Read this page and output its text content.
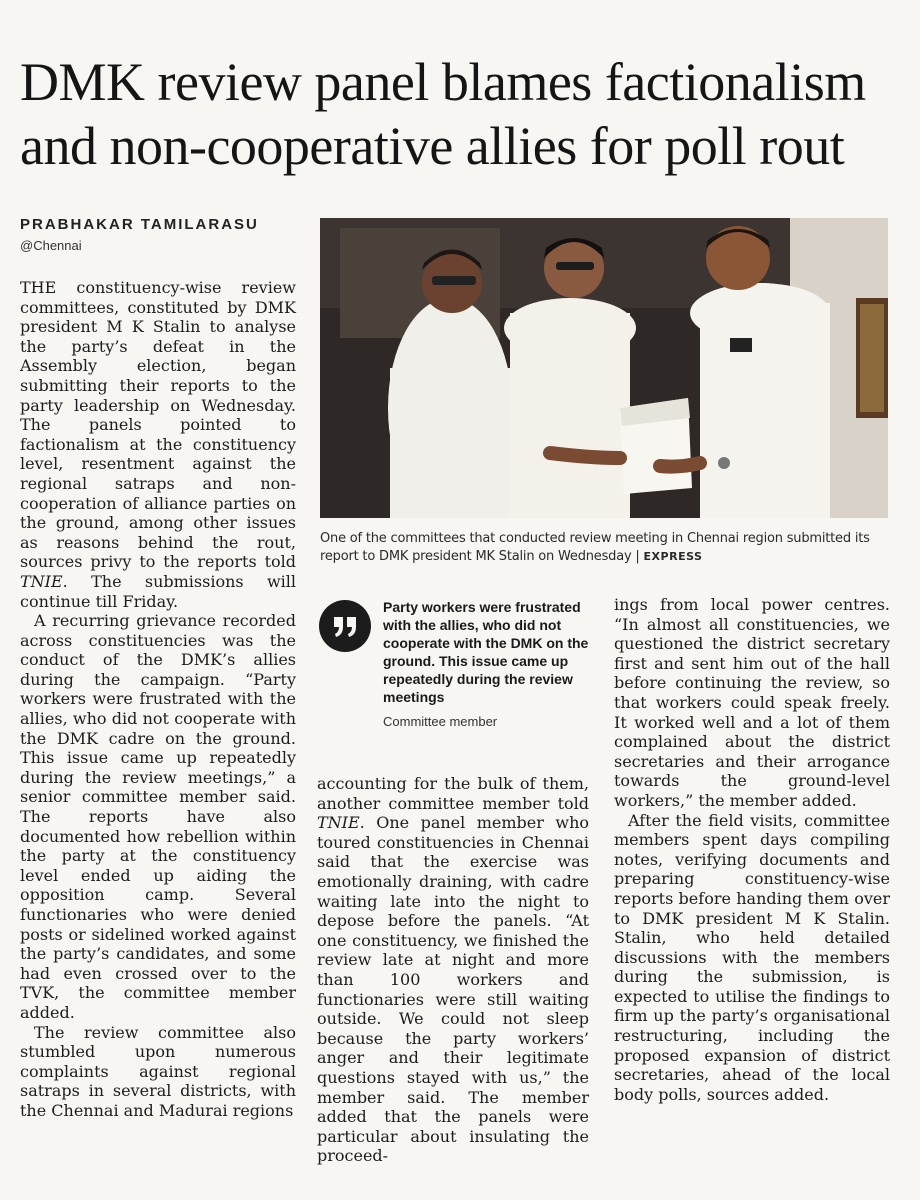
DMK review panel blames factionalism
and non-cooperative allies for poll rout
PRABHAKAR TAMILARASU
@Chennai

THE constituency-wise review committees, constituted by DMK president M K Stalin to analyse the party’s defeat in the Assembly election, began submitting their reports to the party leadership on Wednesday. The panels pointed to factionalism at the constituency level, resentment against the regional satraps and non-cooperation of alliance parties on the ground, among other issues as reasons behind the rout, sources privy to the reports told TNIE. The submissions will continue till Friday.

A recurring grievance recorded across constituencies was the conduct of the DMK’s allies during the campaign. “Party workers were frustrated with the allies, who did not cooperate with the DMK cadre on the ground. This issue came up repeatedly during the review meetings,” a senior committee member said. The reports have also documented how rebellion within the party at the constituency level ended up aiding the opposition camp. Several functionaries who were denied posts or sidelined worked against the party’s candidates, and some had even crossed over to the TVK, the committee member added.

The review committee also stumbled upon numerous complaints against regional satraps in several districts, with the Chennai and Madurai regions

One of the committees that conducted review meeting in Chennai region submitted its report to DMK president MK Stalin on Wednesday | EXPRESS
Party workers were frustrated with the allies, who did not cooperate with the DMK on the ground. This issue came up repeatedly during the review meetings
Committee member

accounting for the bulk of them, another committee member told TNIE. One panel member who toured constituencies in Chennai said that the exercise was emotionally draining, with cadre waiting late into the night to depose before the panels. “At one constituency, we finished the review late at night and more than 100 workers and functionaries were still waiting outside. We could not sleep because the party workers’ anger and their legitimate questions stayed with us,” the member said. The member added that the panels were particular about insulating the proceed-

ings from local power centres. “In almost all constituencies, we questioned the district secretary first and sent him out of the hall before continuing the review, so that workers could speak freely. It worked well and a lot of them complained about the district secretaries and their arrogance towards the ground-level workers,” the member added.

After the field visits, committee members spent days compiling notes, verifying documents and preparing constituency-wise reports before handing them over to DMK president M K Stalin. Stalin, who held detailed discussions with the members during the submission, is expected to utilise the findings to firm up the party’s organisational restructuring, including the proposed expansion of district secretaries, ahead of the local body polls, sources added.
